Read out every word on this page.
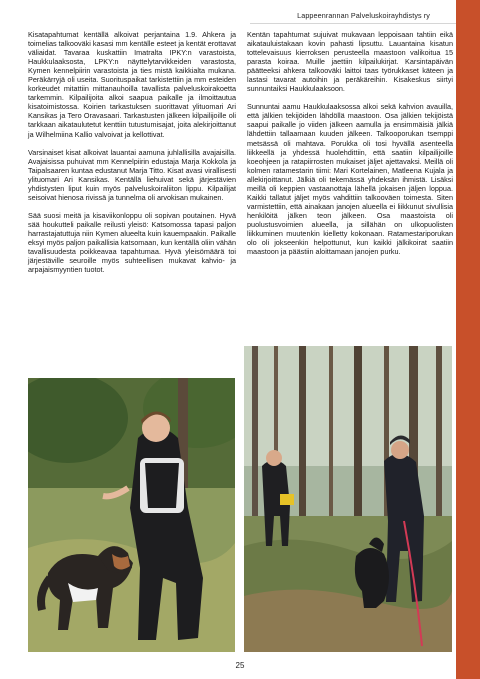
Lappeenrannan Palveluskoirayhdistys ry

Kisatapahtumat kentällä alkoivat perjantaina 1.9. Ahkera ja toimelias talkooväki kasasi mm kentälle esteet ja kentät erottavat väliaidat. Tavaraa kuskattiin Imatralta IPKY:n varastoista, Haukkulaaksosta, LPKY:n näyttelytarvikkeiden varastosta, Kymen kennelpiirin varastoista ja ties mistä kaikkialta mukana. Peräkärryjä oli useita. Suorituspaikat tarkistettiin ja mm esteiden korkeudet mitattiin mittanauhoilla tavallista palveluskoirakoetta tarkemmin. Kilpailijoita alkoi saapua paikalle ja ilmoittautua kisatoimistossa. Koirien tarkastuksen suorittavat ylituomari Ari Kansikas ja Tero Oravasaari. Tarkastusten jälkeen kilpailijoille oli tarkkaan aikataulutetut kenttiin tutustumisajat, joita alekirjoittanut ja Wilhelmiina Kallio valvoivat ja kellottivat.

Varsinaiset kisat alkoivat lauantai aamuna juhlallisilla avajaisilla. Avajaisissa puhuivat mm Kennelpiirin edustaja Marja Kokkola ja Taipalsaaren kuntaa edustanut Marja Titto. Kisat avasi virallisesti ylituomari Ari Kansikas. Kentällä liehuivat sekä järjestävien yhdistysten liput kuin myös palveluskoiraliiton lippu. Kilpailijat seisoivat hienosa rivissä ja tunnelma oli arvokisan mukainen.

Sää suosi meitä ja kisaviikonloppu oli sopivan poutainen. Hyvä sää houkutteli paikalle reilusti yleisö: Katsomossa tapasi paljon harrastajatuttuja niin Kymen alueelta kuin kauempaakin. Paikalle eksyi myös paljon paikallisia katsomaan, kun kentällä oliin vähän tavallisuudesta poikkeavaa tapahtumaa. Hyvä yleisömäärä toi järjestäville seuroille myös suhteellisen mukavat kahvio- ja arpajaismyyntien tuotot.

Kentän tapahtumat sujuivat mukavaan leppoisaan tahtiin eikä aikatauluistakaan kovin pahasti lipsuttu. Lauantaina kisatun tottelevaisuus kierroksen perusteella maastoon valikoitua 15 parasta koiraa. Muille jaettiin kilpailukirjat. Karsintapäivän päätteeksi ahkera talkooväki laittoi taas työrukkaset käteen ja lastasi tavarat autoihin ja peräkäreihin. Kisakeskus siirtyi sunnuntaiksi Haukkulaaksoon.

Sunnuntai aamu Haukkulaaksossa alkoi sekä kahvion avauilla, että jälkien tekijöiden lähdöllä maastoon. Osa jälkien tekijöistä saapui paikalle jo viiden jälkeen aamulla ja ensimmäisiä jälkiä lähdettiin tallaamaan kuuden jälkeen. Talkooporukan tsemppi metsässä oli mahtava. Porukka oli tosi hyvällä asenteella liikkeellä ja yhdessä huolehdittiin, että saatiin kilpailijoille koeohjeen ja ratapiirrosten mukaiset jäljet ajettavaksi. Meillä oli kolmen ratamestarin tiimi: Mari Kortelainen, Matleena Kujala ja allekirjoittanut. Jälkiä oli tekemässä yhdeksän ihmistä. Lisäksi meillä oli keppien vastaanottaja lähellä jokaisen jäljen loppua. Kaikki tallatut jäljet myös vahdittiin talkooväen toimesta. Siten varmistettiin, että ainakaan janojen alueella ei liikkunut sivullisia henkilöitä jälken teon jälkeen. Osa maastoista oli puolustusvoimien alueella, ja sillähän on ulkopuolisten liikkuminen muutenkin kielletty kokonaan. Ratamestariporukan olo oli jokseenkin helpottunut, kun kaikki jälkikoirat saatiin maastoon ja päästiin aloittamaan janojen purku.

25
